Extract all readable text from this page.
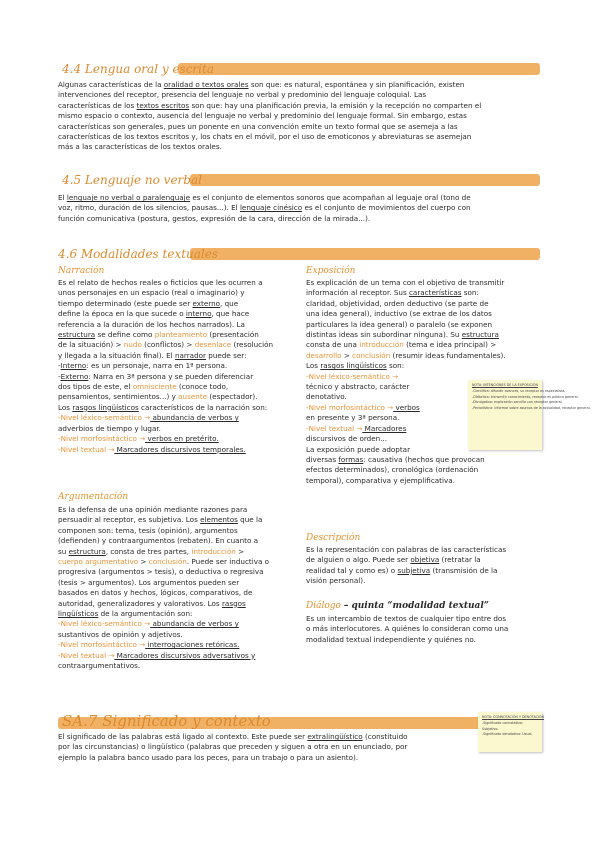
4.4 Lengua oral y escrita
Algunas características de la oralidad o textos orales son que: es natural, espontánea y sin planificación, existen
intervenciones del receptor, presencia del lenguaje no verbal y predominio del lenguaje coloquial. Las
características de los textos escritos son que: hay una planificación previa, la emisión y la recepción no comparten el
mismo espacio o contexto, ausencia del lenguaje no verbal y predominio del lenguaje formal. Sin embargo, estas
características son generales, pues un ponente en una convención emite un texto formal que se asemeja a las
características de los textos escritos y, los chats en el móvil, por el uso de emoticonos y abreviaturas se asemejan
más a las características de los textos orales.
4.5 Lenguaje no verbal
El lenguaje no verbal o paralenguaje es el conjunto de elementos sonoros que acompañan al leguaje oral (tono de
voz, ritmo, duración de los silencios, pausas...). El lenguaje cinésico es el conjunto de movimientos del cuerpo con
función comunicativa (postura, gestos, expresión de la cara, dirección de la mirada...).
4.6 Modalidades textuales
Narración
Es el relato de hechos reales o ficticios que les ocurren a
unos personajes en un espacio (real o imaginario) y
tiempo determinado (este puede ser externo, que
define la época en la que sucede o interno, que hace
referencia a la duración de los hechos narrados). La
estructura se define como planteamiento (presentación
de la situación) > nudo (conflictos) > desenlace (resolución
y llegada a la situación final). El narrador puede ser:
-Interno: es un personaje, narra en 1ª persona.
-Externo: Narra en 3ª persona y se pueden diferenciar
dos tipos de este, el omnisciente (conoce todo,
pensamientos, sentimientos...) y ausente (espectador).
Los rasgos lingüísticos característicos de la narración son:
-Nivel léxico-semántico → abundancia de verbos y
adverbios de tiempo y lugar.
-Nivel morfosintáctico → verbos en pretérito.
-Nivel textual → Marcadores discursivos temporales.
Argumentación
Es la defensa de una opinión mediante razones para
persuadir al receptor, es subjetiva. Los elementos que la
componen son: tema, tesis (opinión), argumentos
(defienden) y contraargumentos (rebaten). En cuanto a
su estructura, consta de tres partes, introducción >
cuerpo argumentativo > conclusión. Puede ser inductiva o
progresiva (argumentos > tesis), o deductiva o regresiva
(tesis > argumentos). Los argumentos pueden ser
basados en datos y hechos, lógicos, comparativos, de
autoridad, generalizadores y valorativos. Los rasgos
lingüísticos de la argumentación son:
-Nivel léxico-semántico → abundancia de verbos y
sustantivos de opinión y adjetivos.
-Nivel morfosintáctico → interrogaciones retóricas.
-Nivel textual → Marcadores discursivos adversativos y
contraargumentativos.
Exposición
Es explicación de un tema con el objetivo de transmitir
información al receptor. Sus características son:
claridad, objetividad, orden deductivo (se parte de
una idea general), inductivo (se extrae de los datos
particulares la idea general) o paralelo (se exponen
distintas ideas sin subordinar ninguna). Su estructura
consta de una introducción (tema e idea principal) >
desarrollo > conclusión (resumir ideas fundamentales).
Los rasgos lingüísticos son:
-Nivel léxico-semántico →
técnico y abstracto, carácter
denotativo.
-Nivel morfosintáctico → verbos
en presente y 3ª persona.
-Nivel textual → Marcadores
discursivos de orden...
La exposición puede adoptar
diversas formas: causativa (hechos que provocan
efectos determinados), cronológica (ordenación
temporal), comparativa y ejemplificativa.
NOTA: INTENCIONES DE LA EXPOSICIÓN
-Científica: difundir avances, su receptor es especialista.
-Didáctica: transmitir conocimiento, receptor es público general.
-Divulgativa: explicación sencilla con receptor general.
-Periodística: informar sobre asuntos de la actualidad, receptor general.
Descripción
Es la representación con palabras de las características
de alguien o algo. Puede ser objetiva (retratar la
realidad tal y como es) o subjetiva (transmisión de la
visión personal).
Diálogo – quinta “modalidad textual”
Es un intercambio de textos de cualquier tipo entre dos
o más interlocutores. A quiénes lo consideran como una
modalidad textual independiente y quiénes no.
SA.7 Significado y contexto
El significado de las palabras está ligado al contexto. Este puede ser extralingüístico (constituido
por las circunstancias) o lingüístico (palabras que preceden y siguen a otra en un enunciado, por
ejemplo la palabra banco usado para los peces, para un trabajo o para un asiento).
NOTA: CONNOTACIÓN Y DENOTACIÓN
-Significado connotativo:
Subjetivo.
-Significado denotativo: Usual.
